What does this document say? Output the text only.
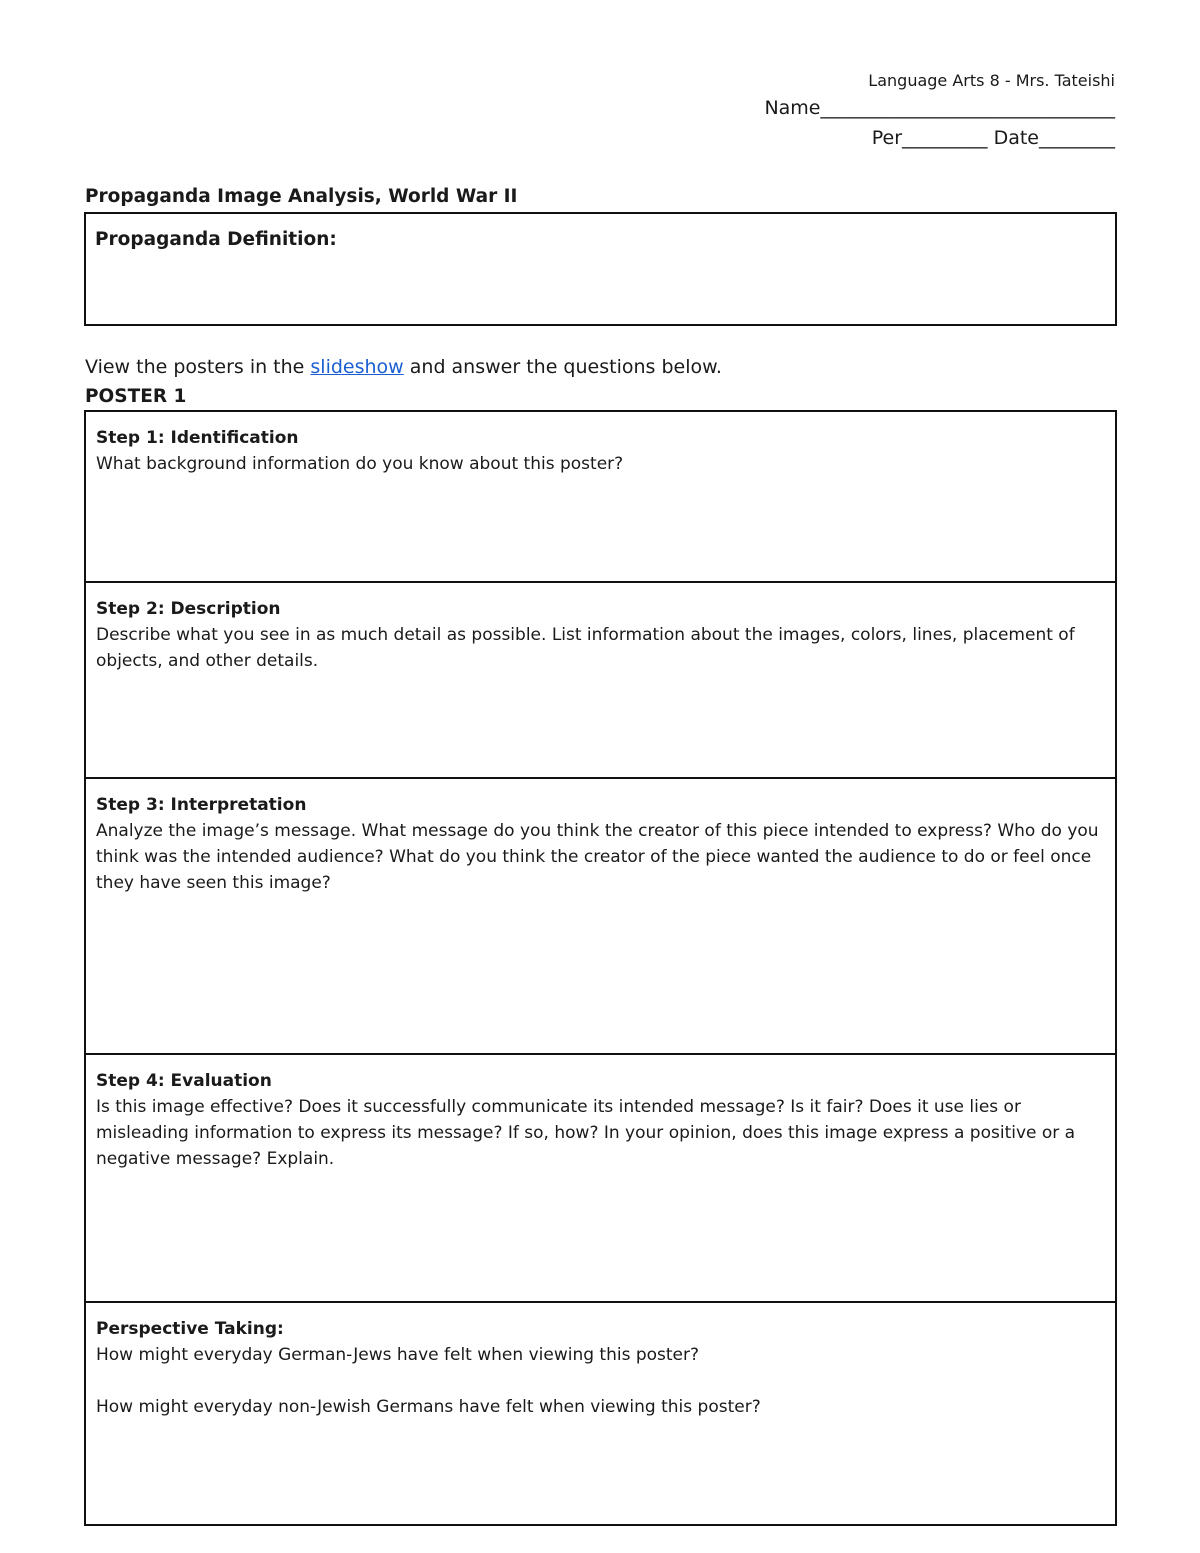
Language Arts 8 - Mrs. Tateishi
Name_______________________________
Per_________ Date________
Propaganda Image Analysis, World War II
Propaganda Definition:
View the posters in the slideshow and answer the questions below.
POSTER 1
Step 1: Identification
What background information do you know about this poster?

Step 2: Description
Describe what you see in as much detail as possible. List information about the images, colors, lines, placement of objects, and other details.

Step 3: Interpretation
Analyze the image’s message. What message do you think the creator of this piece intended to express? Who do you think was the intended audience? What do you think the creator of the piece wanted the audience to do or feel once they have seen this image?

Step 4: Evaluation
Is this image effective? Does it successfully communicate its intended message? Is it fair? Does it use lies or misleading information to express its message? If so, how? In your opinion, does this image express a positive or a negative message? Explain.

Perspective Taking:
How might everyday German-Jews have felt when viewing this poster?
How might everyday non-Jewish Germans have felt when viewing this poster?
